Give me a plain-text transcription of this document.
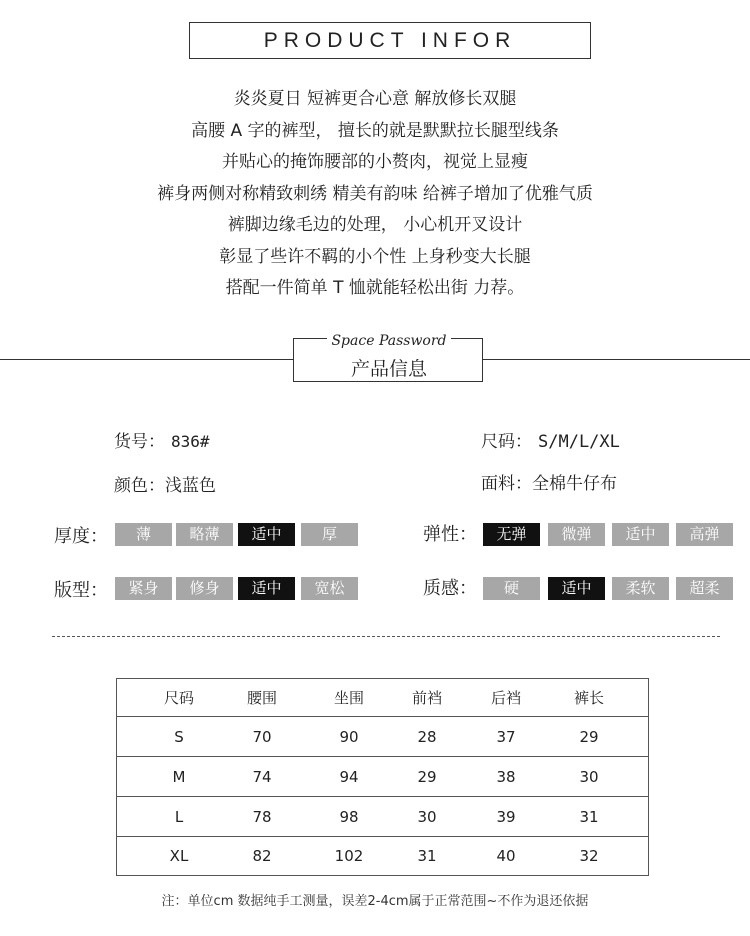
PRODUCT INFOR
炎炎夏日 短裤更合心意 解放修长双腿
高腰 A 字的裤型， 擅长的就是默默拉长腿型线条
并贴心的掩饰腰部的小赘肉，视觉上显瘦
裤身两侧对称精致刺绣 精美有韵味 给裤子增加了优雅气质
裤脚边缘毛边的处理， 小心机开叉设计
彰显了些许不羁的小个性 上身秒变大长腿
搭配一件简单 T 恤就能轻松出街 力荐。
Space Password
产品信息
货号： 836#	尺码： S/M/L/XL
颜色：浅蓝色	面料：全棉牛仔布
厚度：	薄	略薄	适中	厚	弹性：	无弹	微弹	适中	高弹
版型：	紧身	修身	适中	宽松	质感：	硬	适中	柔软	超柔
尺码	腰围	坐围	前裆	后裆	裤长
S	70	90	28	37	29
M	74	94	29	38	30
L	78	98	30	39	31
XL	82	102	31	40	32
注：单位cm 数据纯手工测量，误差2-4cm属于正常范围~不作为退还依据
